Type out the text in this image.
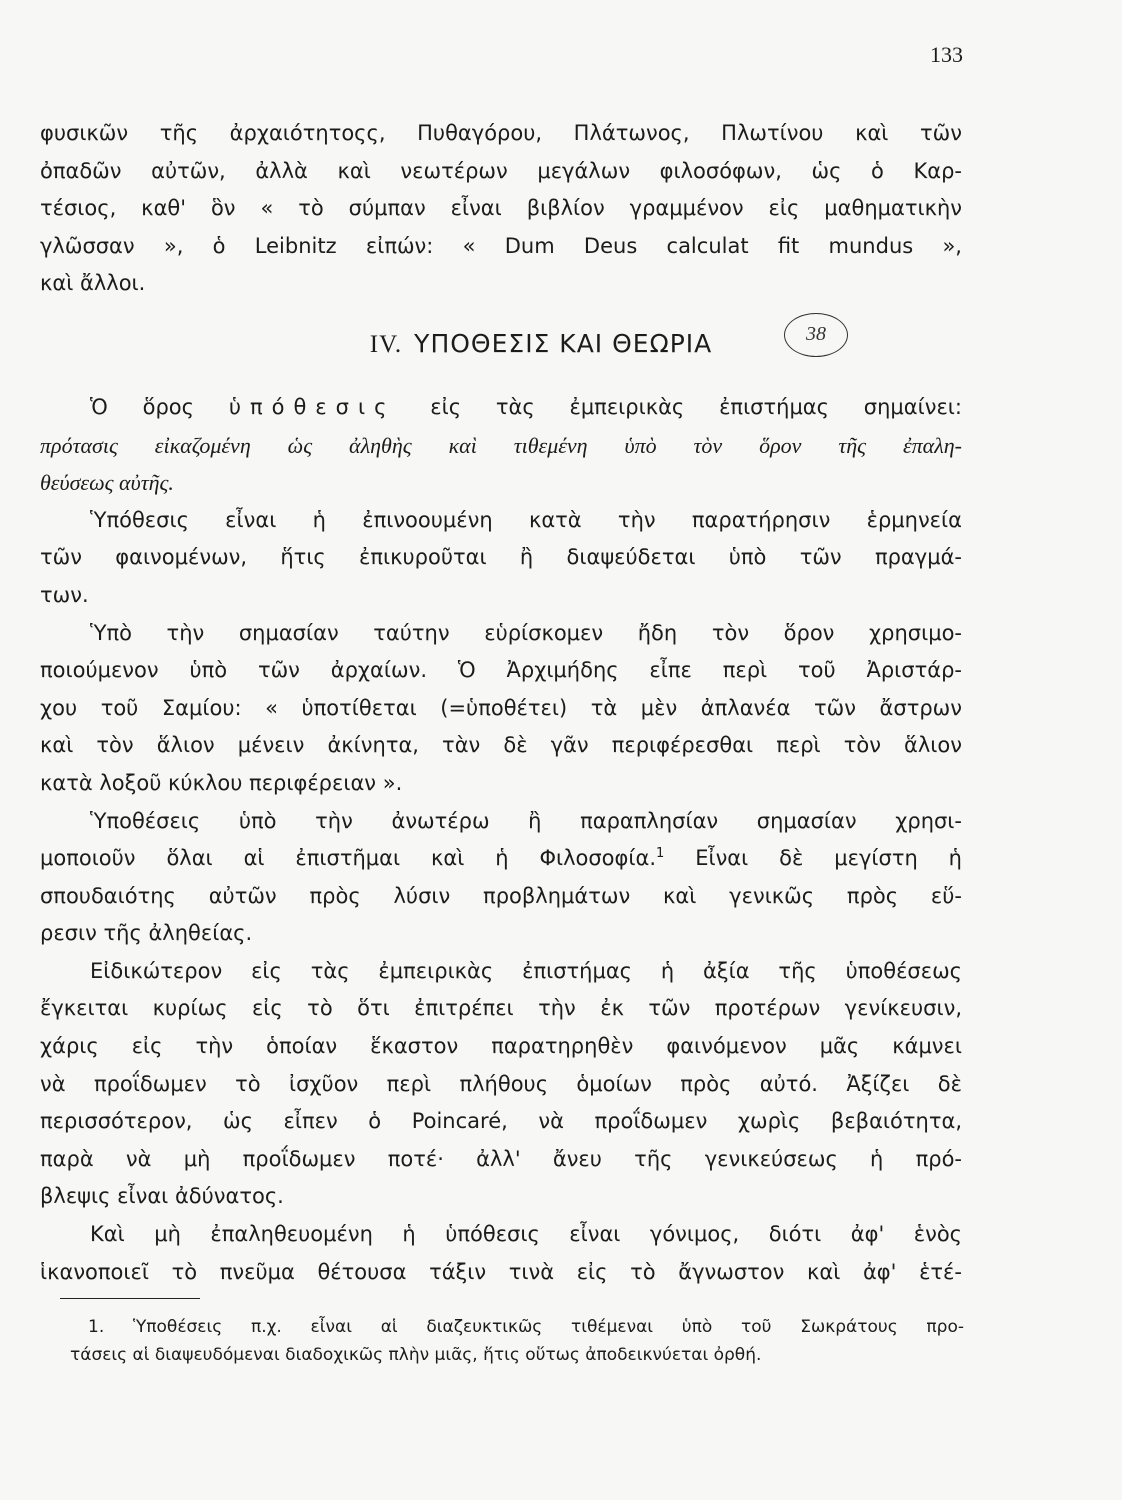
133
φυσικῶν τῆς ἀρχαιότητοςς, Πυθαγόρου, Πλάτωνος, Πλωτίνου καὶ τῶν
ὀπαδῶν αὐτῶν, ἀλλὰ καὶ νεωτέρων μεγάλων φιλοσόφων, ὡς ὁ Καρ-
τέσιος, καθ' ὃν « τὸ σύμπαν εἶναι βιβλίον γραμμένον εἰς μαθηματικὴν
γλῶσσαν », ὁ Leibnitz εἰπών: « Dum Deus calculat fit mundus »,
καὶ ἄλλοι.
IV. ΥΠΟΘΕΣΙΣ ΚΑΙ ΘΕΩΡΙΑ	38
Ὁ ὅρος ὑπόθεσις εἰς τὰς ἐμπειρικὰς ἐπιστήμας σημαίνει:
πρότασις εἰκαζομένη ὡς ἀληθὴς καὶ τιθεμένη ὑπὸ τὸν ὅρον τῆς ἐπαλη-
θεύσεως αὐτῆς.
Ὑπόθεσις εἶναι ἡ ἐπινοουμένη κατὰ τὴν παρατήρησιν ἑρμηνεία
τῶν φαινομένων, ἥτις ἐπικυροῦται ἢ διαψεύδεται ὑπὸ τῶν πραγμά-
των.
Ὑπὸ τὴν σημασίαν ταύτην εὑρίσκομεν ἤδη τὸν ὅρον χρησιμο-
ποιούμενον ὑπὸ τῶν ἀρχαίων. Ὁ Ἀρχιμήδης εἶπε περὶ τοῦ Ἀριστάρ-
χου τοῦ Σαμίου: « ὑποτίθεται (=ὑποθέτει) τὰ μὲν ἀπλανέα τῶν ἄστρων
καὶ τὸν ἅλιον μένειν ἀκίνητα, τὰν δὲ γᾶν περιφέρεσθαι περὶ τὸν ἅλιον
κατὰ λοξοῦ κύκλου περιφέρειαν ».
Ὑποθέσεις ὑπὸ τὴν ἀνωτέρω ἢ παραπλησίαν σημασίαν χρησι-
μοποιοῦν ὅλαι αἱ ἐπιστῆμαι καὶ ἡ Φιλοσοφία.$^1$ Εἶναι δὲ μεγίστη ἡ
σπουδαιότης αὐτῶν πρὸς λύσιν προβλημάτων καὶ γενικῶς πρὸς εὕ-
ρεσιν τῆς ἀληθείας.
Εἰδικώτερον εἰς τὰς ἐμπειρικὰς ἐπιστήμας ἡ ἀξία τῆς ὑποθέσεως
ἔγκειται κυρίως εἰς τὸ ὅτι ἐπιτρέπει τὴν ἐκ τῶν προτέρων γενίκευσιν,
χάρις εἰς τὴν ὁποίαν ἕκαστον παρατηρηθὲν φαινόμενον μᾶς κάμνει
νὰ προΐδωμεν τὸ ἰσχῦον περὶ πλήθους ὁμοίων πρὸς αὐτό. Ἀξίζει δὲ
περισσότερον, ὡς εἶπεν ὁ Poincaré, νὰ προΐδωμεν χωρὶς βεβαιότητα,
παρὰ νὰ μὴ προΐδωμεν ποτέ· ἀλλ' ἄνευ τῆς γενικεύσεως ἡ πρό-
βλεψις εἶναι ἀδύνατος.
Καὶ μὴ ἐπαληθευομένη ἡ ὑπόθεσις εἶναι γόνιμος, διότι ἀφ' ἑνὸς
ἱκανοποιεῖ τὸ πνεῦμα θέτουσα τάξιν τινὰ εἰς τὸ ἄγνωστον καὶ ἀφ' ἑτέ-
1. Ὑποθέσεις π.χ. εἶναι αἱ διαζευκτικῶς τιθέμεναι ὑπὸ τοῦ Σωκράτους προ-
τάσεις αἱ διαψευδόμεναι διαδοχικῶς πλὴν μιᾶς, ἥτις οὕτως ἀποδεικνύεται ὀρθή.
